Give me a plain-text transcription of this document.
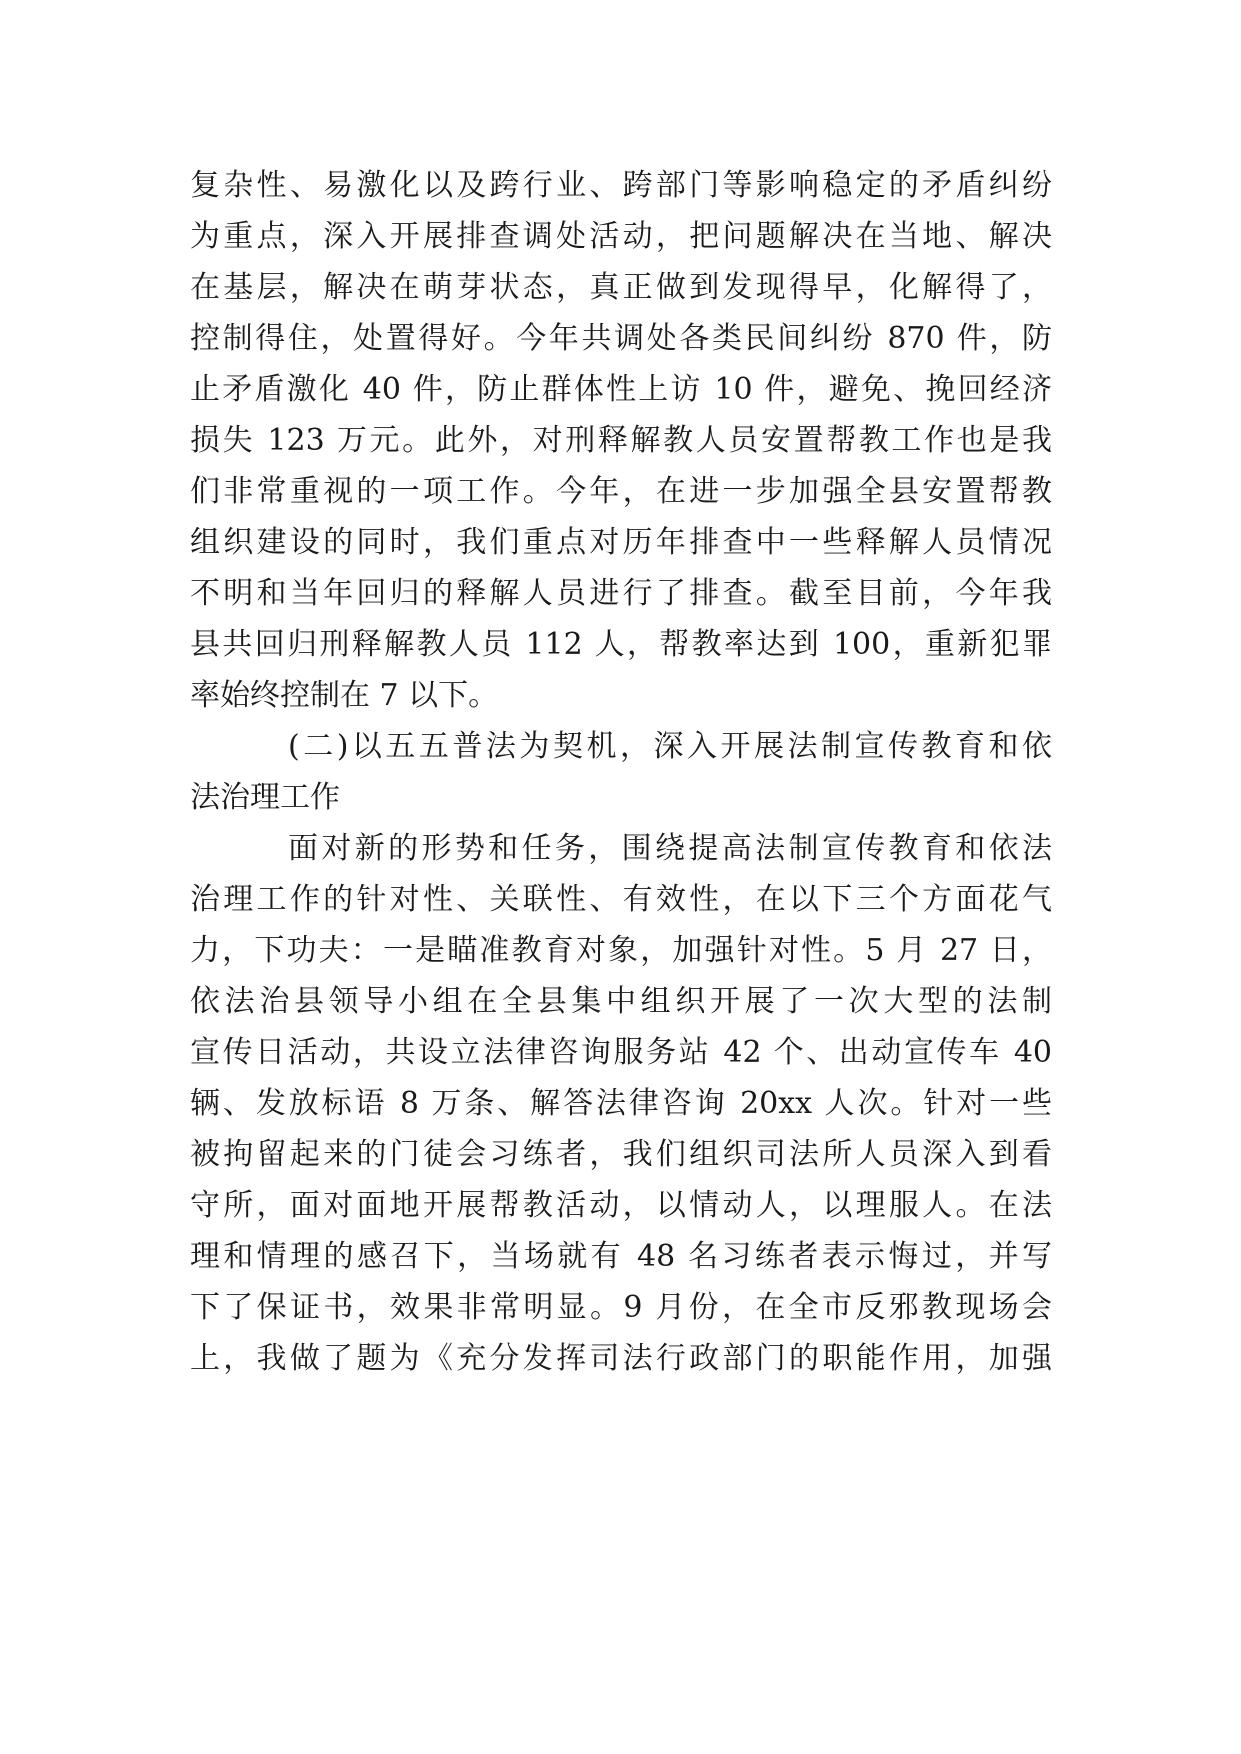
复杂性、易激化以及跨行业、跨部门等影响稳定的矛盾纠纷
为重点，深入开展排查调处活动，把问题解决在当地、解决
在基层，解决在萌芽状态，真正做到发现得早，化解得了，
控制得住，处置得好。今年共调处各类民间纠纷 870 件，防
止矛盾激化 40 件，防止群体性上访 10 件，避免、挽回经济
损失 123 万元。此外，对刑释解教人员安置帮教工作也是我
们非常重视的一项工作。今年，在进一步加强全县安置帮教
组织建设的同时，我们重点对历年排查中一些释解人员情况
不明和当年回归的释解人员进行了排查。截至目前，今年我
县共回归刑释解教人员 112 人，帮教率达到 100，重新犯罪
率始终控制在 7 以下。
(二)以五五普法为契机，深入开展法制宣传教育和依
法治理工作
面对新的形势和任务，围绕提高法制宣传教育和依法
治理工作的针对性、关联性、有效性，在以下三个方面花气
力，下功夫：一是瞄准教育对象，加强针对性。5 月 27 日，
依法治县领导小组在全县集中组织开展了一次大型的法制
宣传日活动，共设立法律咨询服务站 42 个、出动宣传车 40
辆、发放标语 8 万条、解答法律咨询 20xx 人次。针对一些
被拘留起来的门徒会习练者，我们组织司法所人员深入到看
守所，面对面地开展帮教活动，以情动人，以理服人。在法
理和情理的感召下，当场就有 48 名习练者表示悔过，并写
下了保证书，效果非常明显。9 月份，在全市反邪教现场会
上，我做了题为《充分发挥司法行政部门的职能作用，加强
